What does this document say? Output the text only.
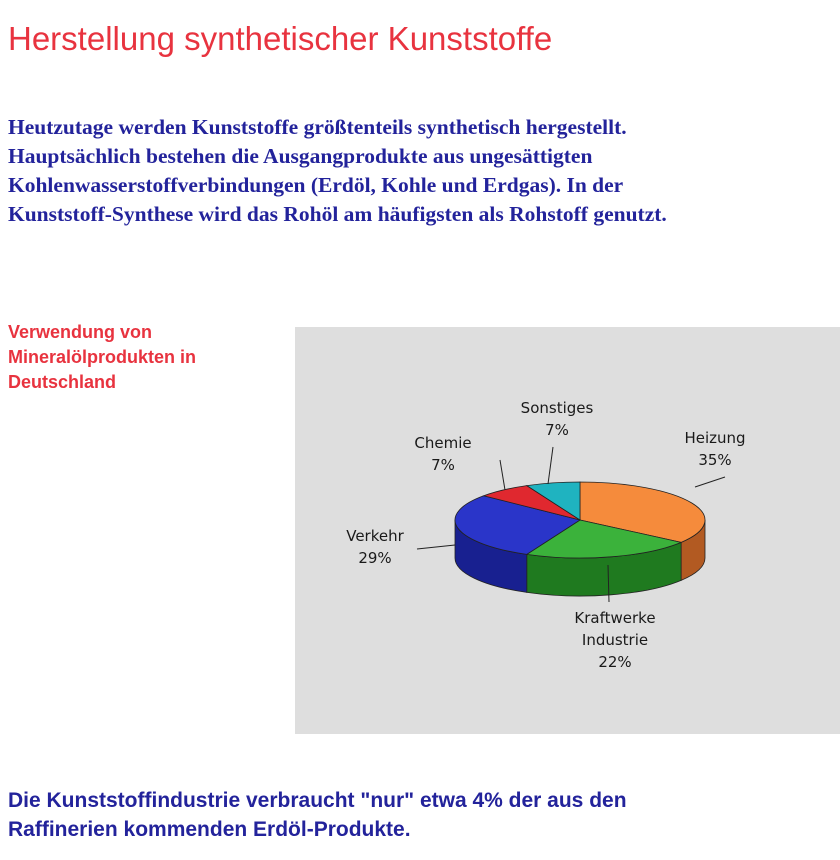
Herstellung synthetischer Kunststoffe
Heutzutage werden Kunststoffe größtenteils synthetisch hergestellt.
Hauptsächlich bestehen die Ausgangprodukte aus ungesättigten
Kohlenwasserstoffverbindungen (Erdöl, Kohle und Erdgas). In der
Kunststoff-Synthese wird das Rohöl am häufigsten als Rohstoff genutzt.
Verwendung von
Mineralölprodukten in
Deutschland
Heizung
35%
Kraftwerke
Industrie
22%
Verkehr
29%
Chemie
7%
Sonstiges
7%
Die Kunststoffindustrie verbraucht "nur" etwa 4% der aus den
Raffinerien kommenden Erdöl-Produkte.
